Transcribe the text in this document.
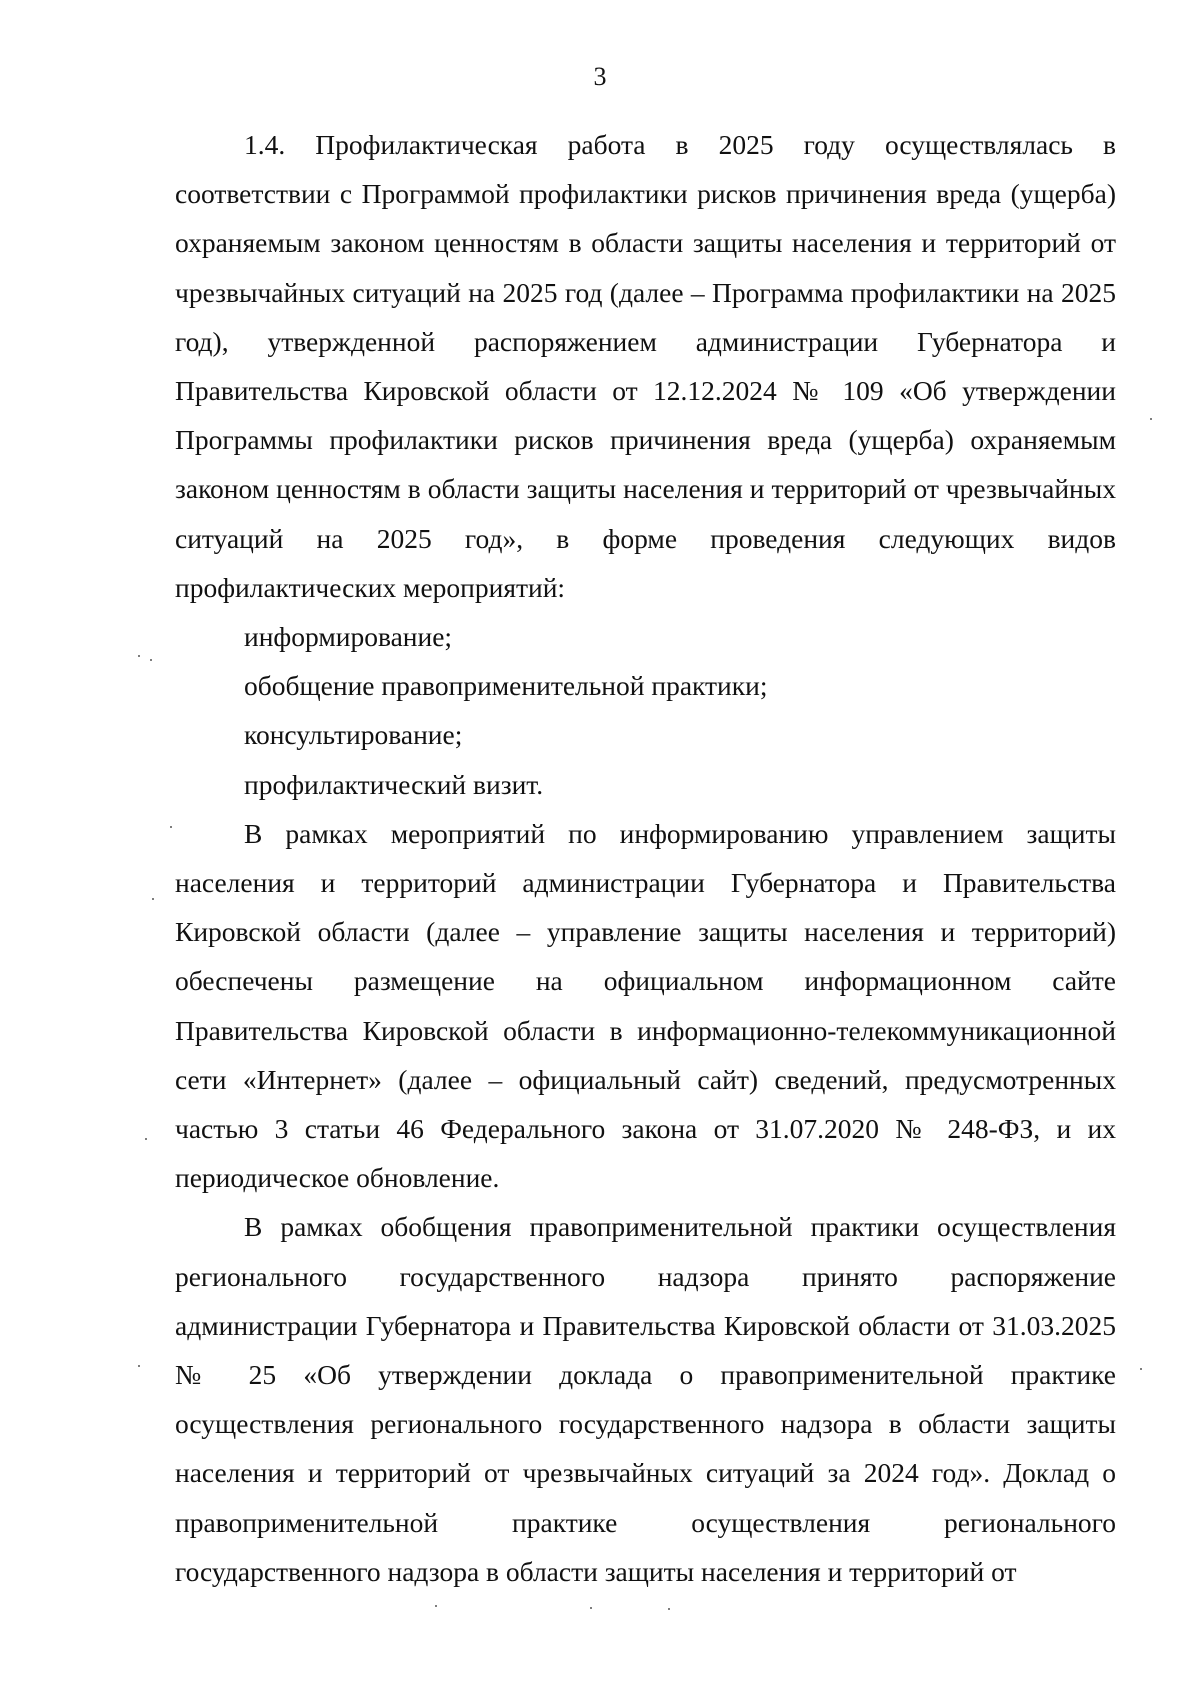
3

1.4. Профилактическая работа в 2025 году осуществлялась в соответствии с Программой профилактики рисков причинения вреда (ущерба) охраняемым законом ценностям в области защиты населения и территорий от чрезвычайных ситуаций на 2025 год (далее – Программа профилактики на 2025 год), утвержденной распоряжением администрации Губернатора и Правительства Кировской области от 12.12.2024 № 109 «Об утверждении Программы профилактики рисков причинения вреда (ущерба) охраняемым законом ценностям в области защиты населения и территорий от чрезвычайных ситуаций на 2025 год», в форме проведения следующих видов профилактических мероприятий:

информирование;

обобщение правоприменительной практики;

консультирование;

профилактический визит.

В рамках мероприятий по информированию управлением защиты населения и территорий администрации Губернатора и Правительства Кировской области (далее – управление защиты населения и территорий) обеспечены размещение на официальном информационном сайте Правительства Кировской области в информационно-телекоммуникационной сети «Интернет» (далее – официальный сайт) сведений, предусмотренных частью 3 статьи 46 Федерального закона от 31.07.2020 № 248-ФЗ, и их периодическое обновление.

В рамках обобщения правоприменительной практики осуществления регионального государственного надзора принято распоряжение администрации Губернатора и Правительства Кировской области от 31.03.2025 № 25 «Об утверждении доклада о правоприменительной практике осуществления регионального государственного надзора в области защиты населения и территорий от чрезвычайных ситуаций за 2024 год». Доклад о правоприменительной практике осуществления регионального государственного надзора в области защиты населения и территорий от
